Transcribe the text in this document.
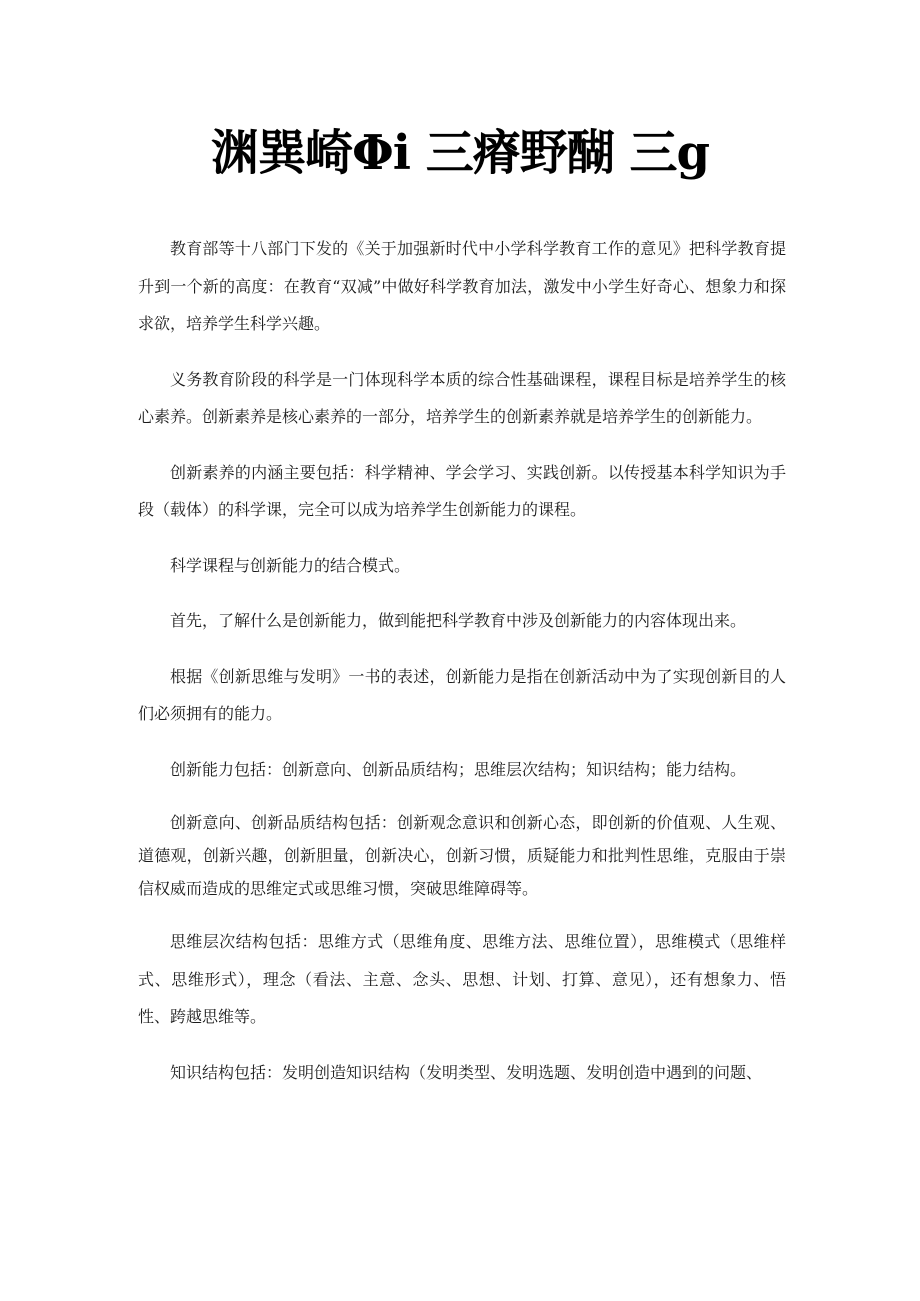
渊巽崎Φi 三瘠野醐 三g

教育部等十八部门下发的《关于加强新时代中小学科学教育工作的意见》把科学教育提升到一个新的高度：在教育“双减”中做好科学教育加法，激发中小学生好奇心、想象力和探求欲，培养学生科学兴趣。

义务教育阶段的科学是一门体现科学本质的综合性基础课程，课程目标是培养学生的核心素养。创新素养是核心素养的一部分，培养学生的创新素养就是培养学生的创新能力。

创新素养的内涵主要包括：科学精神、学会学习、实践创新。以传授基本科学知识为手段（载体）的科学课，完全可以成为培养学生创新能力的课程。

科学课程与创新能力的结合模式。

首先，了解什么是创新能力，做到能把科学教育中涉及创新能力的内容体现出来。

根据《创新思维与发明》一书的表述，创新能力是指在创新活动中为了实现创新目的人们必须拥有的能力。

创新能力包括：创新意向、创新品质结构；思维层次结构；知识结构；能力结构。

创新意向、创新品质结构包括：创新观念意识和创新心态，即创新的价值观、人生观、道德观，创新兴趣，创新胆量，创新决心，创新习惯，质疑能力和批判性思维，克服由于崇信权威而造成的思维定式或思维习惯，突破思维障碍等。

思维层次结构包括：思维方式（思维角度、思维方法、思维位置），思维模式（思维样式、思维形式），理念（看法、主意、念头、思想、计划、打算、意见），还有想象力、悟性、跨越思维等。

知识结构包括：发明创造知识结构（发明类型、发明选题、发明创造中遇到的问题、
